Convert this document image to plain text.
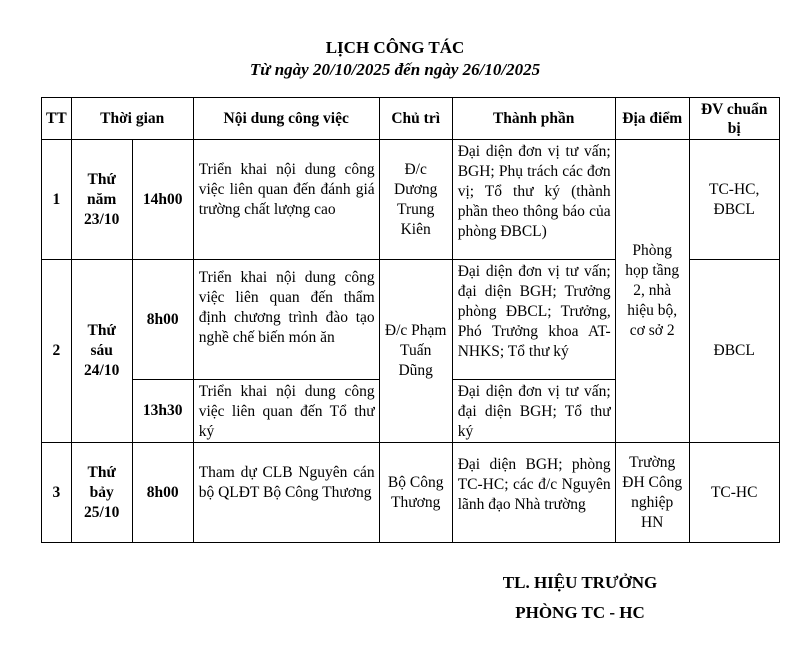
LỊCH CÔNG TÁC
Từ ngày 20/10/2025 đến ngày 26/10/2025
TT	Thời gian		Nội dung công việc	Chủ trì	Thành phần	Địa điểm	ĐV chuẩn bị
1	Thứ năm 23/10	14h00	Triển khai nội dung công việc liên quan đến đánh giá trường chất lượng cao	Đ/c Dương Trung Kiên	Đại diện đơn vị tư vấn; BGH; Phụ trách các đơn vị; Tổ thư ký (thành phần theo thông báo của phòng ĐBCL)	Phòng họp tầng 2, nhà hiệu bộ, cơ sở 2	TC-HC, ĐBCL
2	Thứ sáu 24/10	8h00	Triển khai nội dung công việc liên quan đến thẩm định chương trình đào tạo nghề chế biến món ăn	Đ/c Phạm Tuấn Dũng	Đại diện đơn vị tư vấn; đại diện BGH; Trưởng phòng ĐBCL; Trưởng, Phó Trưởng khoa AT-NHKS; Tổ thư ký		ĐBCL
		13h30	Triển khai nội dung công việc liên quan đến Tổ thư ký		Đại diện đơn vị tư vấn; đại diện BGH; Tổ thư ký		
3	Thứ bảy 25/10	8h00	Tham dự CLB Nguyên cán bộ QLĐT Bộ Công Thương	Bộ Công Thương	Đại diện BGH; phòng TC-HC; các đ/c Nguyên lãnh đạo Nhà trường	Trường ĐH Công nghiệp HN	TC-HC
TL. HIỆU TRƯỞNG
PHÒNG TC - HC
